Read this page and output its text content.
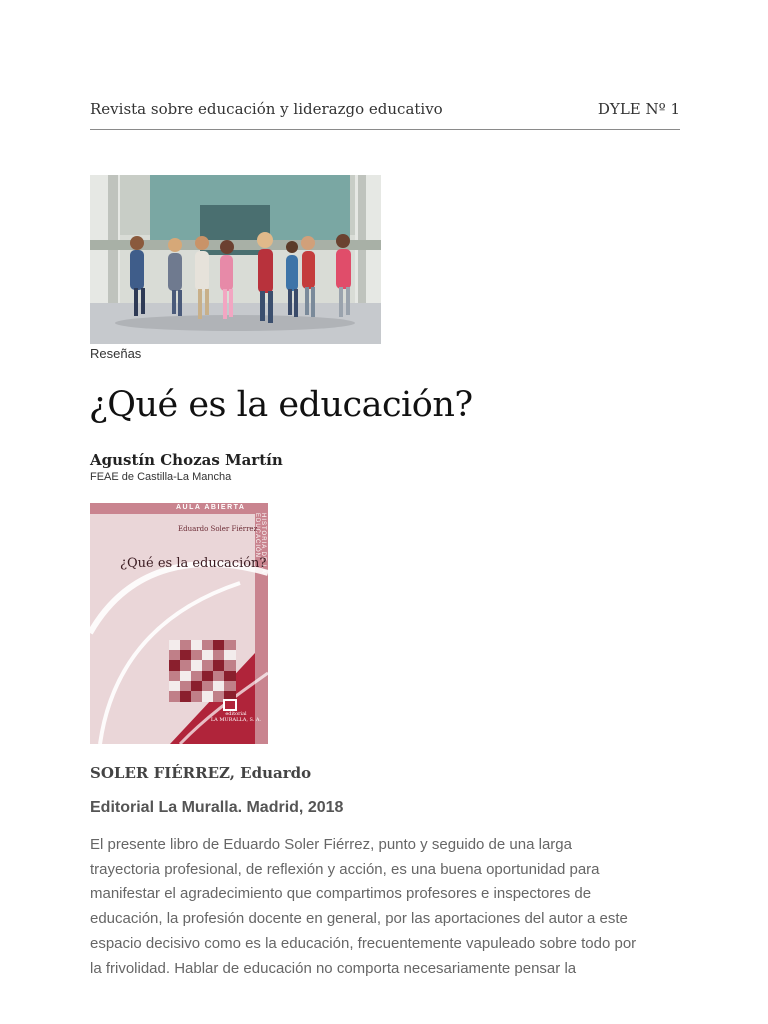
Revista sobre educación y liderazgo educativo	DYLE Nº 1
Reseñas
¿Qué es la educación?
Agustín Chozas Martín
FEAE de Castilla-La Mancha
AULA ABIERTA
HISTORIA DE LA EDUCACIÓN
Eduardo Soler Fiérrez
¿Qué es la educación?
editorial
LA MURALLA, S. A.
SOLER FIÉRREZ, Eduardo
Editorial La Muralla. Madrid, 2018
El presente libro de Eduardo Soler Fiérrez, punto y seguido de una larga
trayectoria profesional, de reflexión y acción, es una buena oportunidad para
manifestar el agradecimiento que compartimos profesores e inspectores de
educación, la profesión docente en general, por las aportaciones del autor a este
espacio decisivo como es la educación, frecuentemente vapuleado sobre todo por
la frivolidad. Hablar de educación no comporta necesariamente pensar la
